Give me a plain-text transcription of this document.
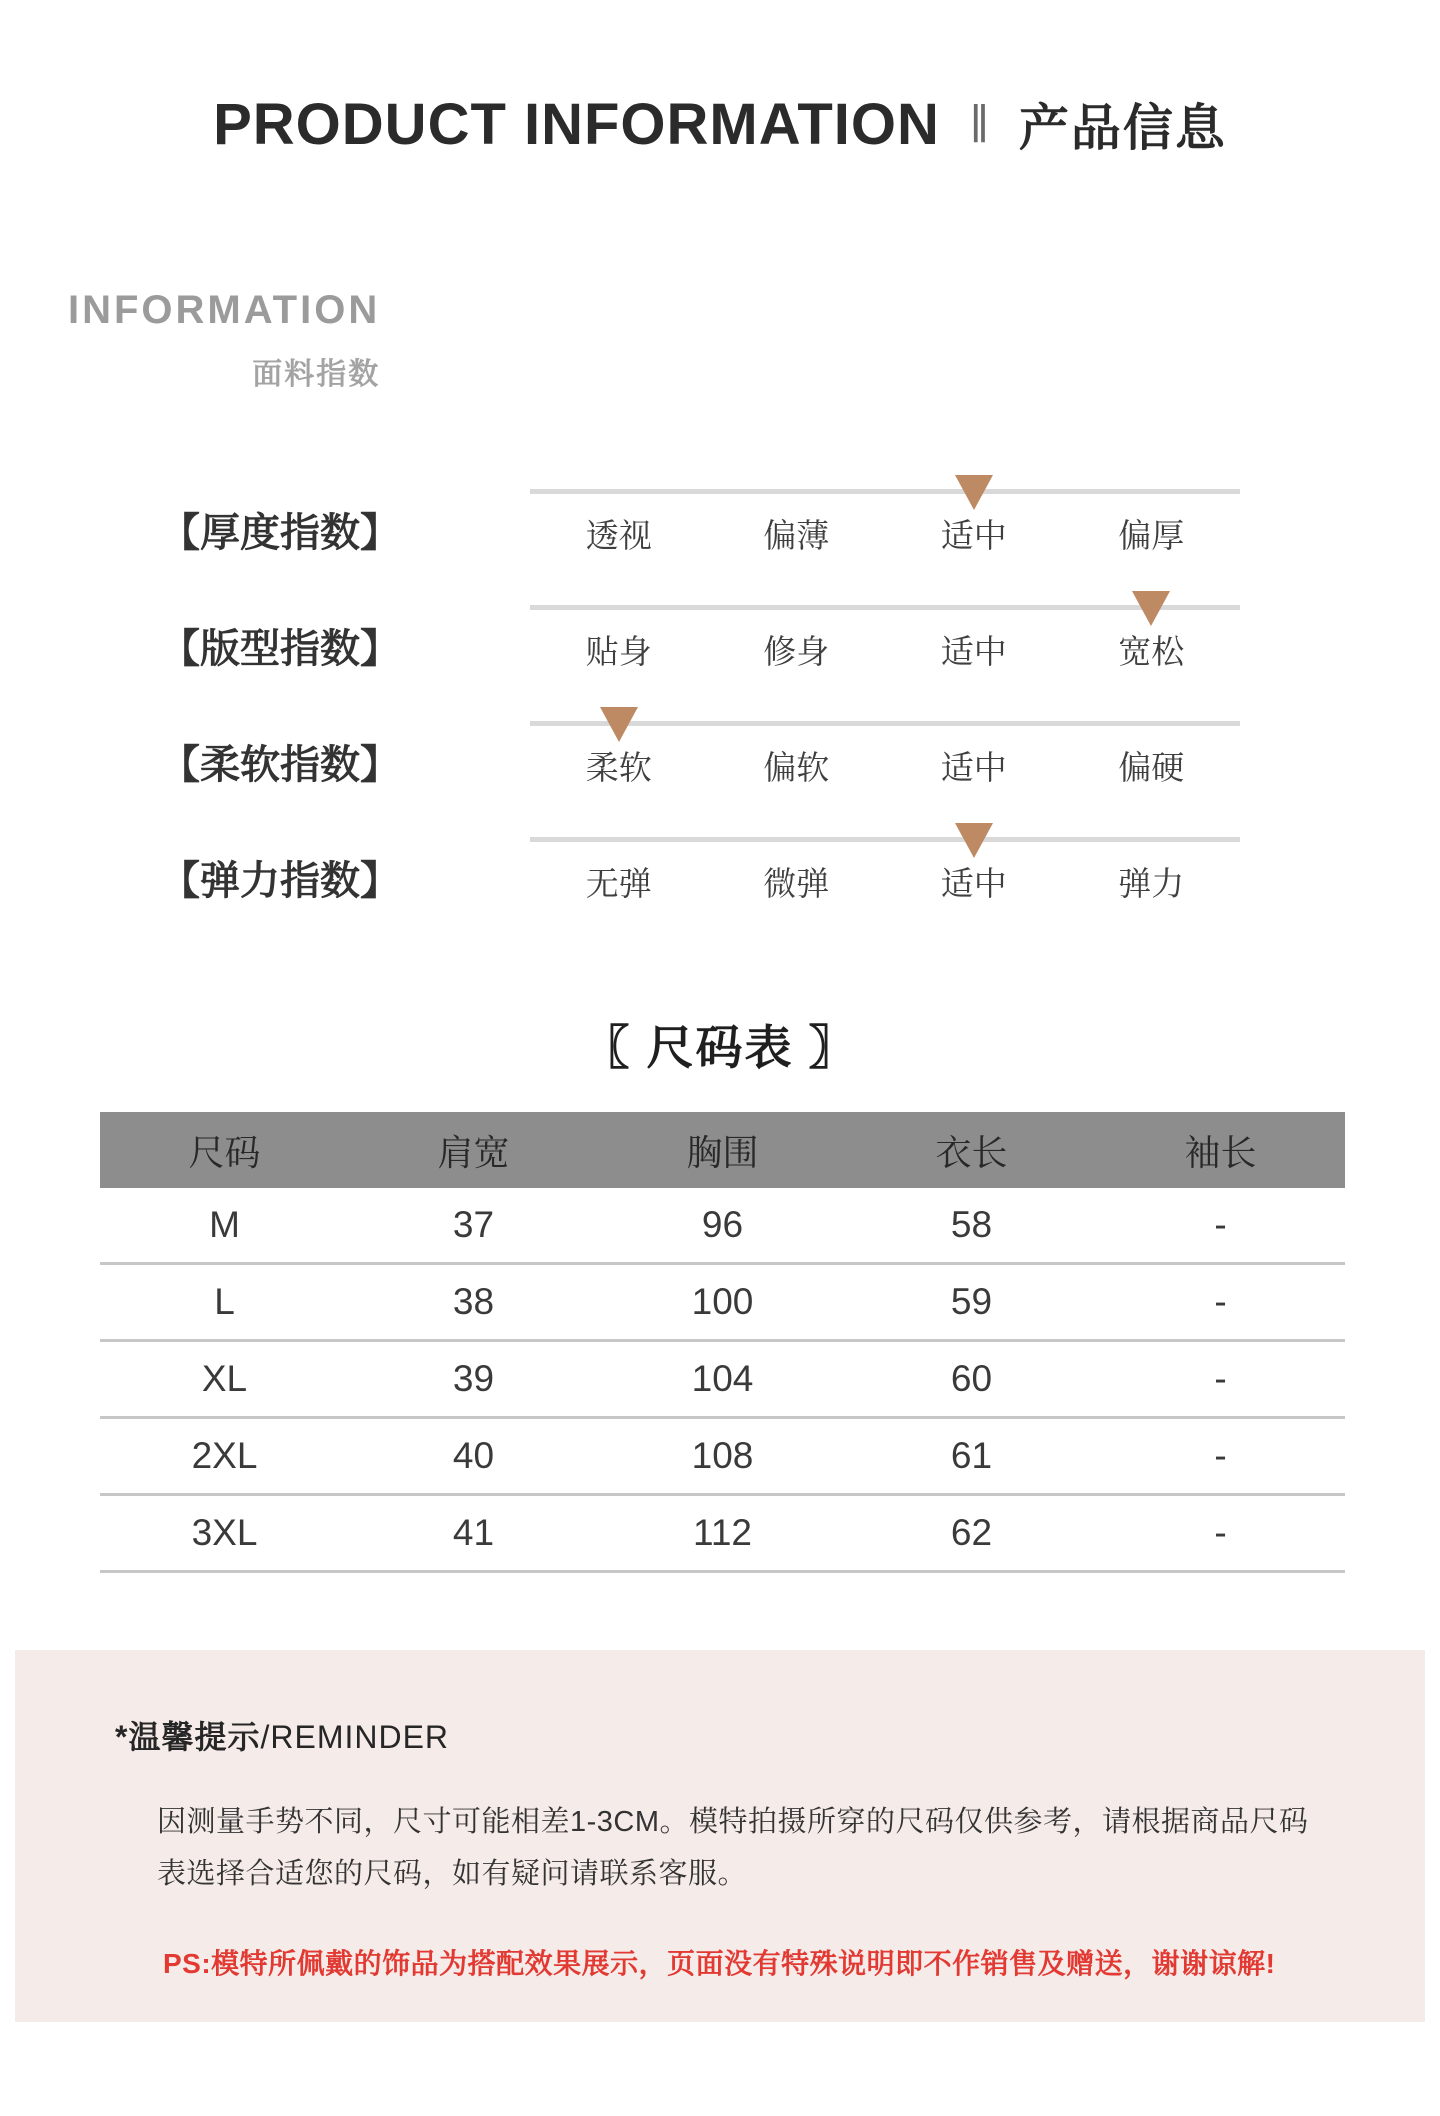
PRODUCT INFORMATION ‖ 产品信息
INFORMATION
面料指数
【厚度指数】	透视	偏薄	适中	偏厚
【版型指数】	贴身	修身	适中	宽松
【柔软指数】	柔软	偏软	适中	偏硬
【弹力指数】	无弹	微弹	适中	弹力
〖 尺码表 〗
尺码	肩宽	胸围	衣长	袖长
M	37	96	58	-
L	38	100	59	-
XL	39	104	60	-
2XL	40	108	61	-
3XL	41	112	62	-
*温馨提示/REMINDER
因测量手势不同，尺寸可能相差1-3CM。模特拍摄所穿的尺码仅供参考，请根据商品尺码表选择合适您的尺码，如有疑问请联系客服。
PS:模特所佩戴的饰品为搭配效果展示，页面没有特殊说明即不作销售及赠送，谢谢谅解!
